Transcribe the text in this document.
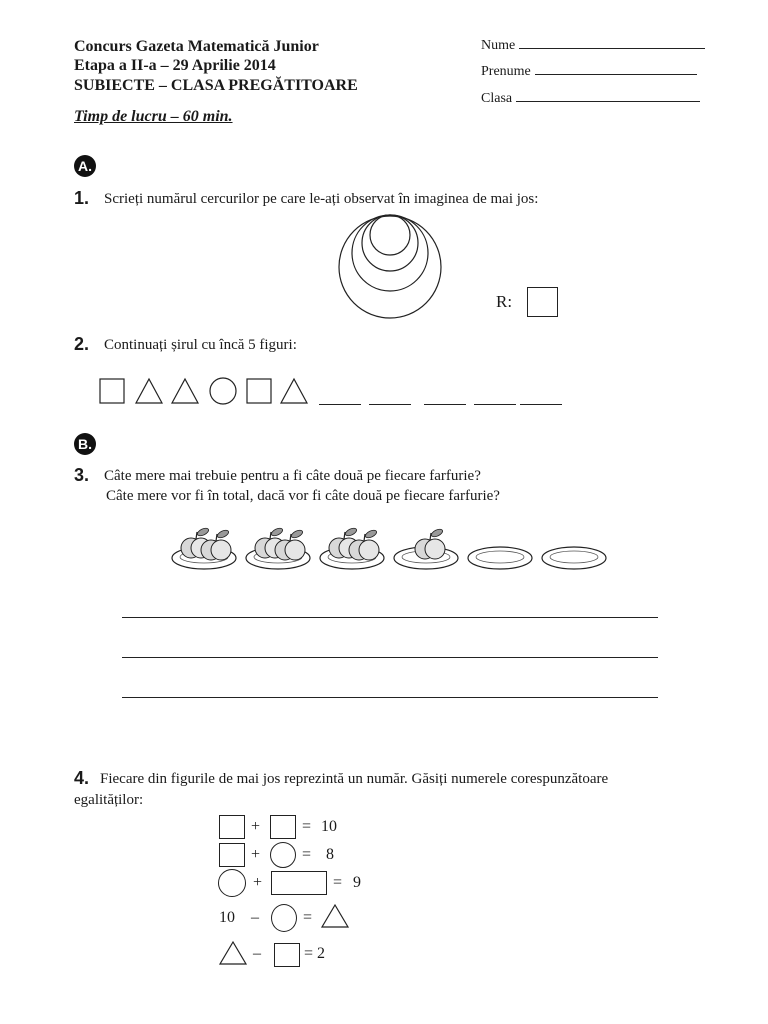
Concurs Gazeta Matematică Junior
Etapa a II-a – 29 Aprilie 2014
SUBIECTE – CLASA PREGĂTITOARE
Timp de lucru – 60 min.
Nume
Prenume
Clasa
A.
1. Scrieți numărul cercurilor pe care le-ați observat în imaginea de mai jos:
R:
2. Continuați șirul cu încă 5 figuri:
B.
3. Câte mere mai trebuie pentru a fi câte două pe fiecare farfurie?
Câte mere vor fi în total, dacă vor fi câte două pe fiecare farfurie?
4. Fiecare din figurile de mai jos reprezintă un număr. Găsiți numerele corespunzătoare
egalităților:
+	= 10
+	= 8
+	= 9
10 –	=
–	= 2
